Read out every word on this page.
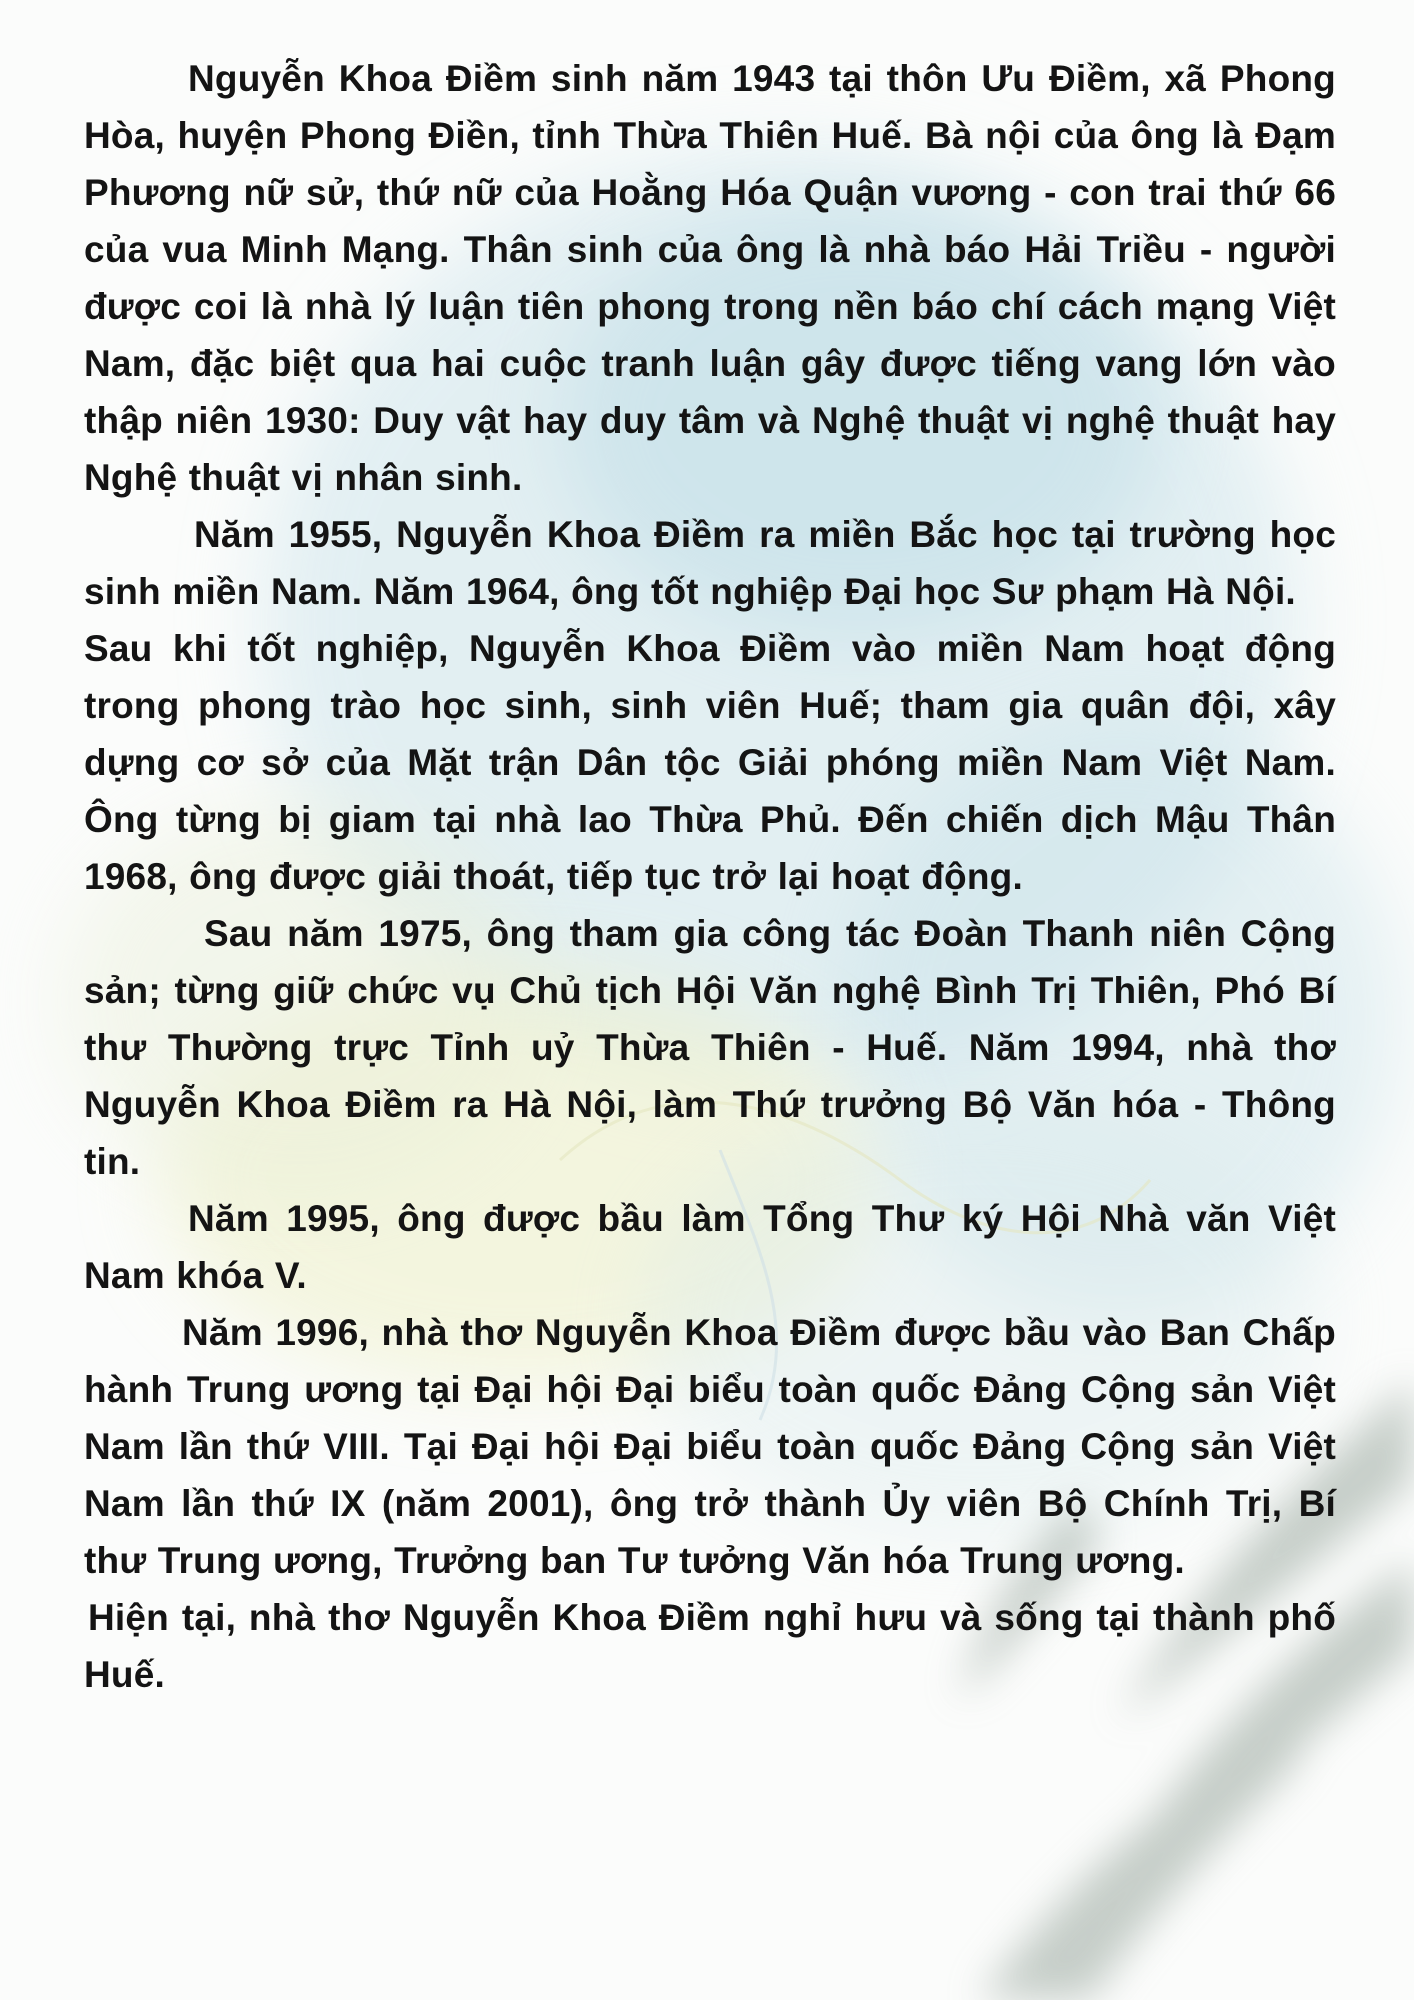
Nguyễn Khoa Điềm sinh năm 1943 tại thôn Ưu Điềm, xã Phong Hòa, huyện Phong Điền, tỉnh Thừa Thiên Huế. Bà nội của ông là Đạm Phương nữ sử, thứ nữ của Hoằng Hóa Quận vương - con trai thứ 66 của vua Minh Mạng. Thân sinh của ông là nhà báo Hải Triều - người được coi là nhà lý luận tiên phong trong nền báo chí cách mạng Việt Nam, đặc biệt qua hai cuộc tranh luận gây được tiếng vang lớn vào thập niên 1930: Duy vật hay duy tâm và Nghệ thuật vị nghệ thuật hay Nghệ thuật vị nhân sinh.

Năm 1955, Nguyễn Khoa Điềm ra miền Bắc học tại trường học sinh miền Nam. Năm 1964, ông tốt nghiệp Đại học Sư phạm Hà Nội.

Sau khi tốt nghiệp, Nguyễn Khoa Điềm vào miền Nam hoạt động trong phong trào học sinh, sinh viên Huế; tham gia quân đội, xây dựng cơ sở của Mặt trận Dân tộc Giải phóng miền Nam Việt Nam. Ông từng bị giam tại nhà lao Thừa Phủ. Đến chiến dịch Mậu Thân 1968, ông được giải thoát, tiếp tục trở lại hoạt động.

Sau năm 1975, ông tham gia công tác Đoàn Thanh niên Cộng sản; từng giữ chức vụ Chủ tịch Hội Văn nghệ Bình Trị Thiên, Phó Bí thư Thường trực Tỉnh uỷ Thừa Thiên - Huế. Năm 1994, nhà thơ Nguyễn Khoa Điềm ra Hà Nội, làm Thứ trưởng Bộ Văn hóa - Thông tin.

Năm 1995, ông được bầu làm Tổng Thư ký Hội Nhà văn Việt Nam khóa V.

Năm 1996, nhà thơ Nguyễn Khoa Điềm được bầu vào Ban Chấp hành Trung ương tại Đại hội Đại biểu toàn quốc Đảng Cộng sản Việt Nam lần thứ VIII. Tại Đại hội Đại biểu toàn quốc Đảng Cộng sản Việt Nam lần thứ IX (năm 2001), ông trở thành Ủy viên Bộ Chính Trị, Bí thư Trung ương, Trưởng ban Tư tưởng Văn hóa Trung ương.

Hiện tại, nhà thơ Nguyễn Khoa Điềm nghỉ hưu và sống tại thành phố Huế.
